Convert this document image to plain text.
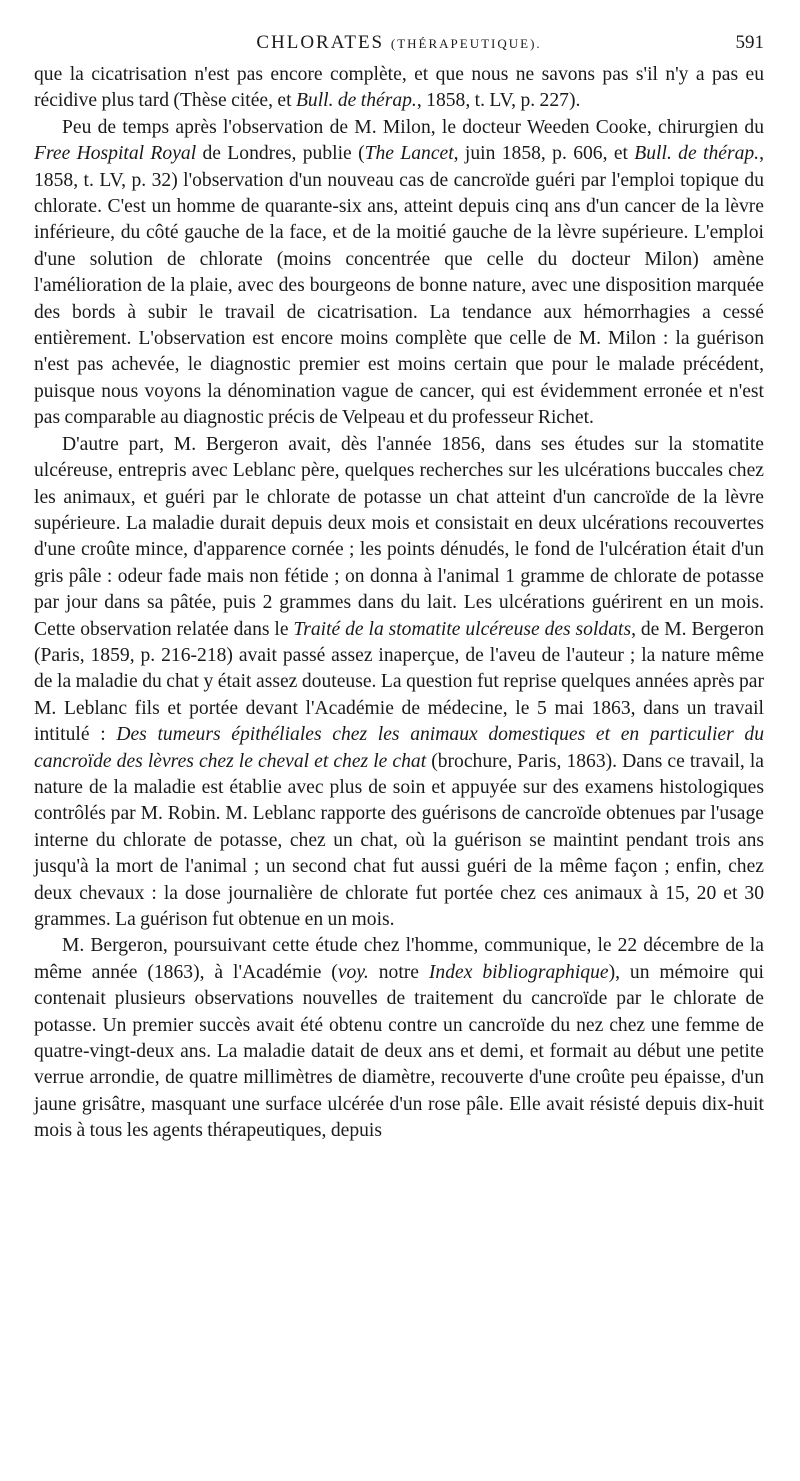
CHLORATES (THÉRAPEUTIQUE).	591

que la cicatrisation n'est pas encore complète, et que nous ne savons pas s'il n'y a pas eu récidive plus tard (Thèse citée, et Bull. de thérap., 1858, t. LV, p. 227).

Peu de temps après l'observation de M. Milon, le docteur Weeden Cooke, chirurgien du Free Hospital Royal de Londres, publie (The Lancet, juin 1858, p. 606, et Bull. de thérap., 1858, t. LV, p. 32) l'observation d'un nouveau cas de cancroïde guéri par l'emploi topique du chlorate. C'est un homme de quarante-six ans, atteint depuis cinq ans d'un cancer de la lèvre inférieure, du côté gauche de la face, et de la moitié gauche de la lèvre supérieure. L'emploi d'une solution de chlorate (moins concentrée que celle du docteur Milon) amène l'amélioration de la plaie, avec des bourgeons de bonne nature, avec une disposition marquée des bords à subir le travail de cicatrisation. La tendance aux hémorrhagies a cessé entièrement. L'observation est encore moins complète que celle de M. Milon : la guérison n'est pas achevée, le diagnostic premier est moins certain que pour le malade précédent, puisque nous voyons la dénomination vague de cancer, qui est évidemment erronée et n'est pas comparable au diagnostic précis de Velpeau et du professeur Richet.

D'autre part, M. Bergeron avait, dès l'année 1856, dans ses études sur la stomatite ulcéreuse, entrepris avec Leblanc père, quelques recherches sur les ulcérations buccales chez les animaux, et guéri par le chlorate de potasse un chat atteint d'un cancroïde de la lèvre supérieure. La maladie durait depuis deux mois et consistait en deux ulcérations recouvertes d'une croûte mince, d'apparence cornée ; les points dénudés, le fond de l'ulcération était d'un gris pâle : odeur fade mais non fétide ; on donna à l'animal 1 gramme de chlorate de potasse par jour dans sa pâtée, puis 2 grammes dans du lait. Les ulcérations guérirent en un mois. Cette observation relatée dans le Traité de la stomatite ulcéreuse des soldats, de M. Bergeron (Paris, 1859, p. 216-218) avait passé assez inaperçue, de l'aveu de l'auteur ; la nature même de la maladie du chat y était assez douteuse. La question fut reprise quelques années après par M. Leblanc fils et portée devant l'Académie de médecine, le 5 mai 1863, dans un travail intitulé : Des tumeurs épithéliales chez les animaux domestiques et en particulier du cancroïde des lèvres chez le cheval et chez le chat (brochure, Paris, 1863). Dans ce travail, la nature de la maladie est établie avec plus de soin et appuyée sur des examens histologiques contrôlés par M. Robin. M. Leblanc rapporte des guérisons de cancroïde obtenues par l'usage interne du chlorate de potasse, chez un chat, où la guérison se maintint pendant trois ans jusqu'à la mort de l'animal ; un second chat fut aussi guéri de la même façon ; enfin, chez deux chevaux : la dose journalière de chlorate fut portée chez ces animaux à 15, 20 et 30 grammes. La guérison fut obtenue en un mois.

M. Bergeron, poursuivant cette étude chez l'homme, communique, le 22 décembre de la même année (1863), à l'Académie (voy. notre Index bibliographique), un mémoire qui contenait plusieurs observations nouvelles de traitement du cancroïde par le chlorate de potasse. Un premier succès avait été obtenu contre un cancroïde du nez chez une femme de quatre-vingt-deux ans. La maladie datait de deux ans et demi, et formait au début une petite verrue arrondie, de quatre millimètres de diamètre, recouverte d'une croûte peu épaisse, d'un jaune grisâtre, masquant une surface ulcérée d'un rose pâle. Elle avait résisté depuis dix-huit mois à tous les agents thérapeutiques, depuis
